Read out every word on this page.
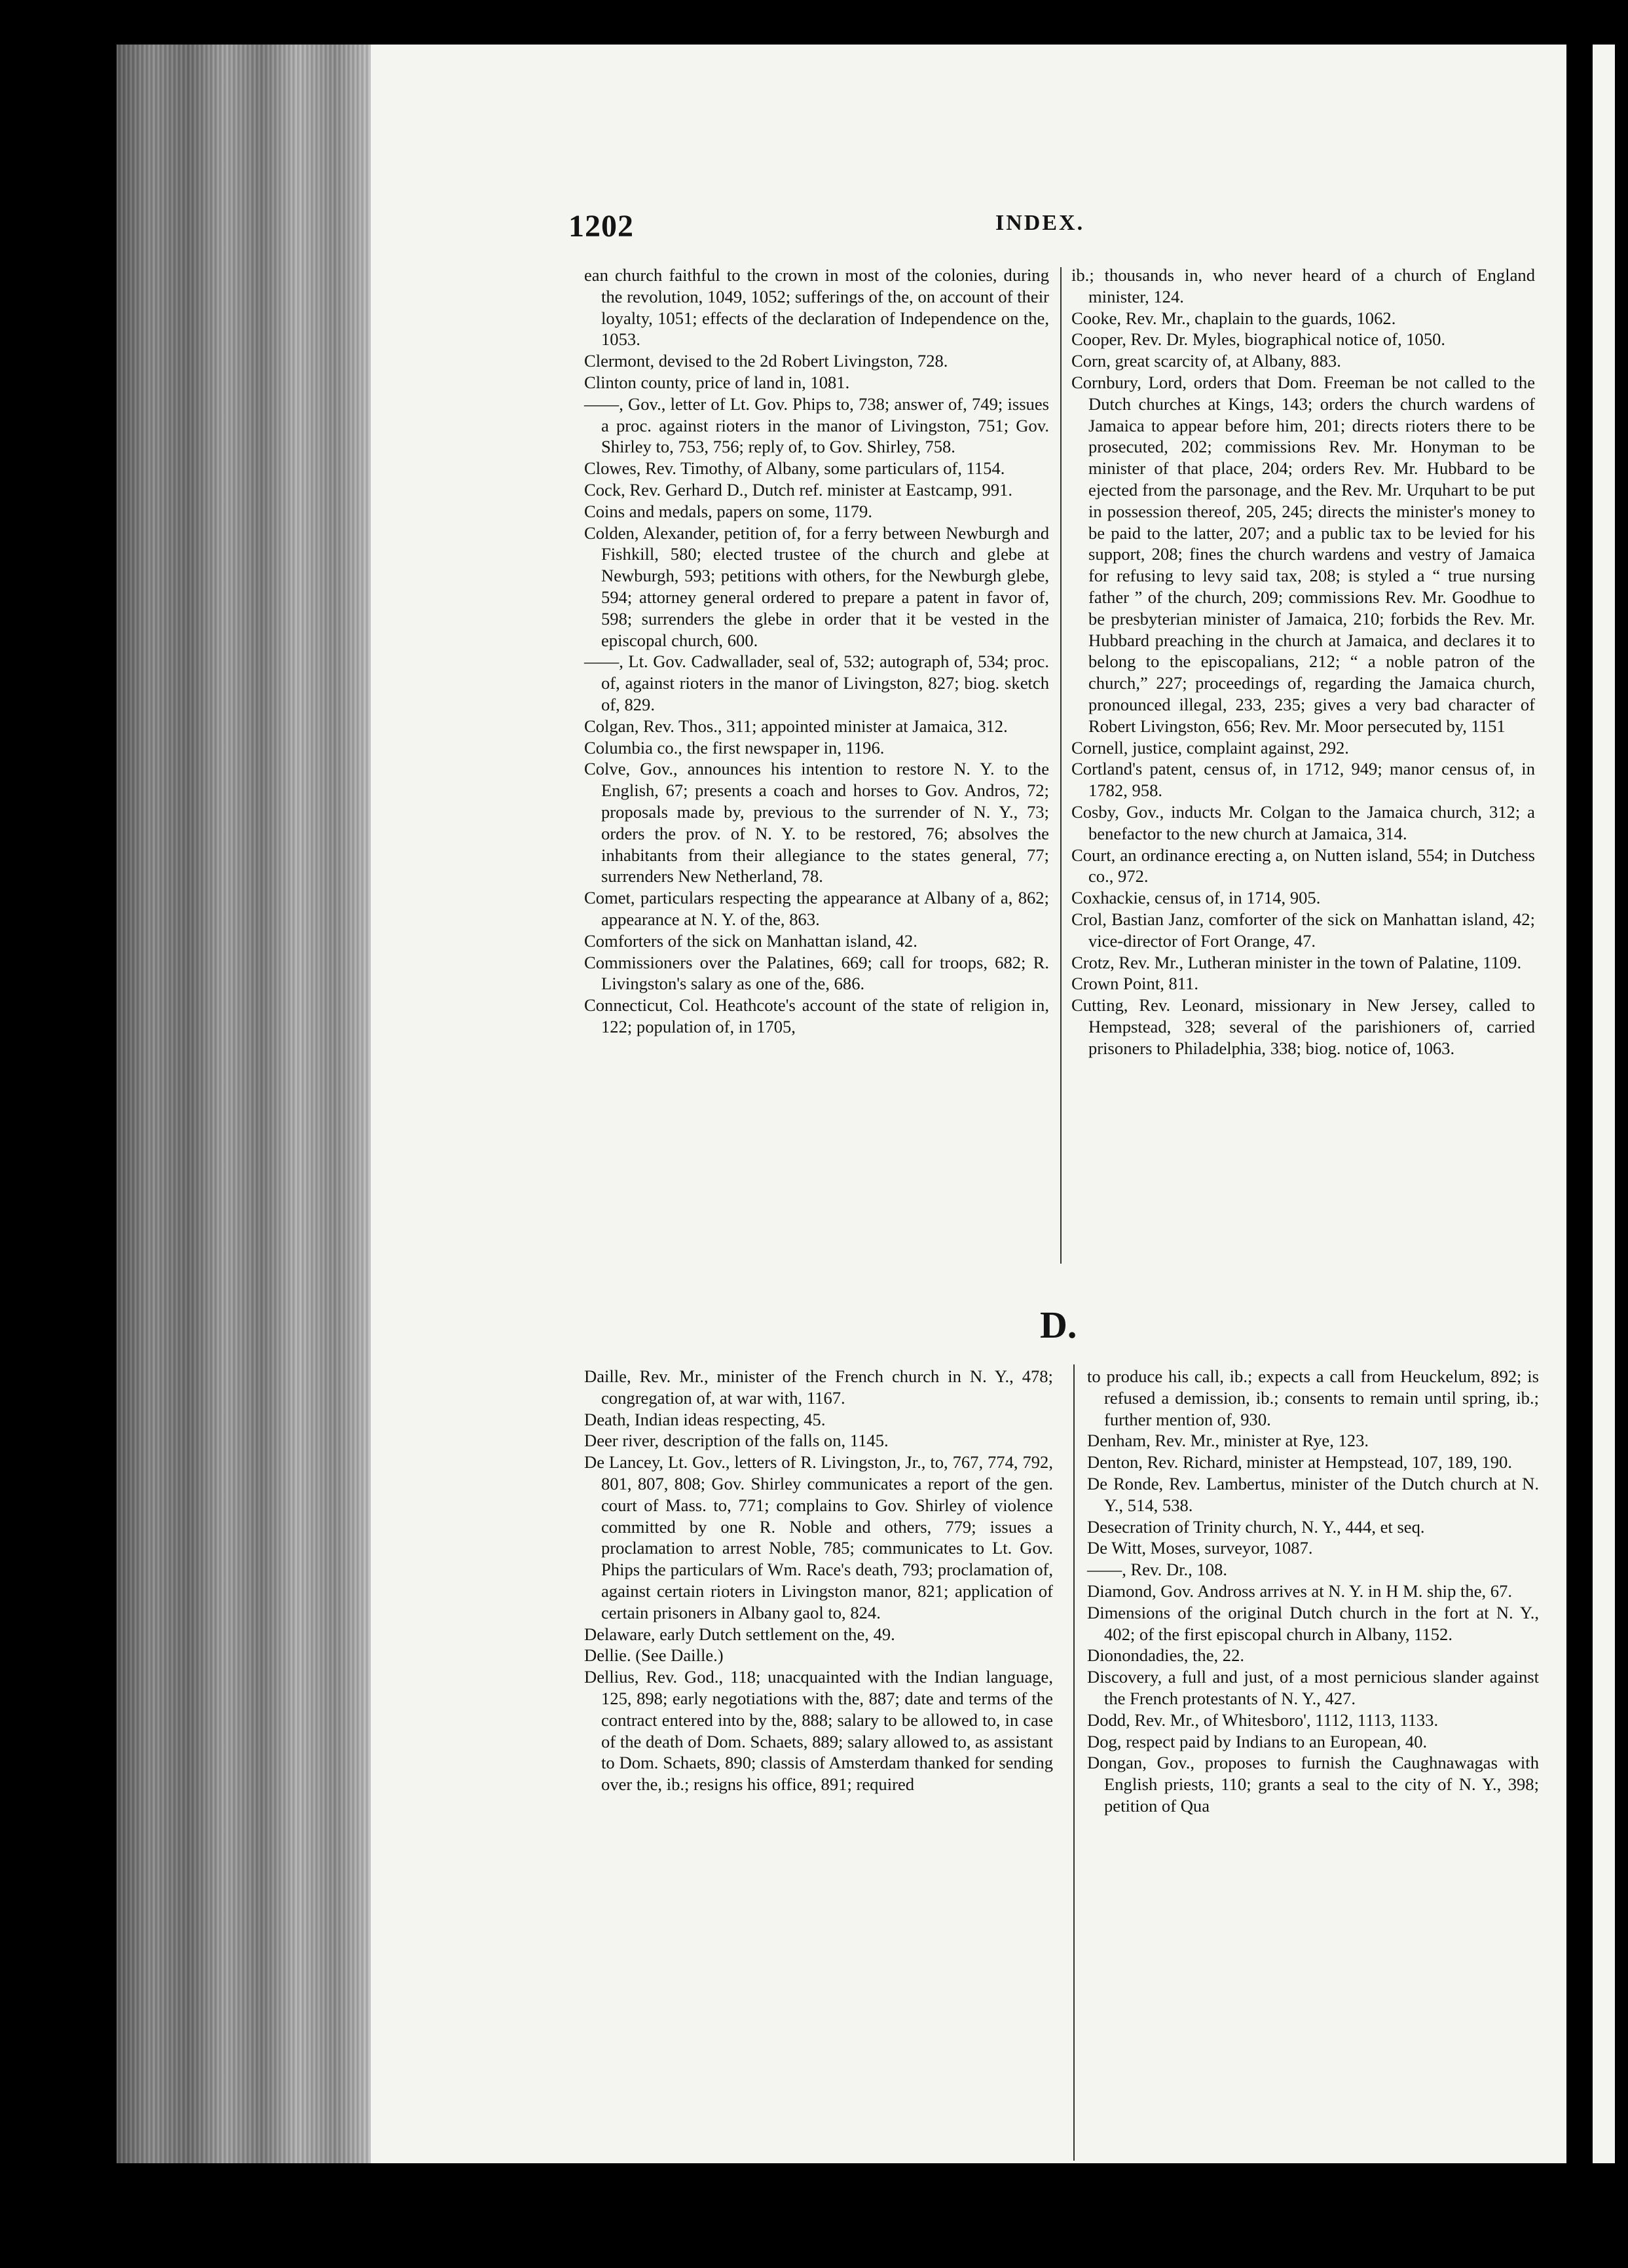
1202	INDEX.

ean church faithful to the crown in most of the colonies, during the revolution, 1049, 1052; sufferings of the, on account of their loyalty, 1051; effects of the declaration of Independence on the, 1053.

Clermont, devised to the 2d Robert Livingston, 728.

Clinton county, price of land in, 1081.

——, Gov., letter of Lt. Gov. Phips to, 738; answer of, 749; issues a proc. against rioters in the manor of Livingston, 751; Gov. Shirley to, 753, 756; reply of, to Gov. Shirley, 758.

Clowes, Rev. Timothy, of Albany, some particulars of, 1154.

Cock, Rev. Gerhard D., Dutch ref. minister at Eastcamp, 991.

Coins and medals, papers on some, 1179.

Colden, Alexander, petition of, for a ferry between Newburgh and Fishkill, 580; elected trustee of the church and glebe at Newburgh, 593; petitions with others, for the Newburgh glebe, 594; attorney general ordered to prepare a patent in favor of, 598; surrenders the glebe in order that it be vested in the episcopal church, 600.

——, Lt. Gov. Cadwallader, seal of, 532; autograph of, 534; proc. of, against rioters in the manor of Livingston, 827; biog. sketch of, 829.

Colgan, Rev. Thos., 311; appointed minister at Jamaica, 312.

Columbia co., the first newspaper in, 1196.

Colve, Gov., announces his intention to restore N. Y. to the English, 67; presents a coach and horses to Gov. Andros, 72; proposals made by, previous to the surrender of N. Y., 73; orders the prov. of N. Y. to be restored, 76; absolves the inhabitants from their allegiance to the states general, 77; surrenders New Netherland, 78.

Comet, particulars respecting the appearance at Albany of a, 862; appearance at N. Y. of the, 863.

Comforters of the sick on Manhattan island, 42.

Commissioners over the Palatines, 669; call for troops, 682; R. Livingston's salary as one of the, 686.

Connecticut, Col. Heathcote's account of the state of religion in, 122; population of, in 1705,

ib.; thousands in, who never heard of a church of England minister, 124.

Cooke, Rev. Mr., chaplain to the guards, 1062.

Cooper, Rev. Dr. Myles, biographical notice of, 1050.

Corn, great scarcity of, at Albany, 883.

Cornbury, Lord, orders that Dom. Freeman be not called to the Dutch churches at Kings, 143; orders the church wardens of Jamaica to appear before him, 201; directs rioters there to be prosecuted, 202; commissions Rev. Mr. Honyman to be minister of that place, 204; orders Rev. Mr. Hubbard to be ejected from the parsonage, and the Rev. Mr. Urquhart to be put in possession thereof, 205, 245; directs the minister's money to be paid to the latter, 207; and a public tax to be levied for his support, 208; fines the church wardens and vestry of Jamaica for refusing to levy said tax, 208; is styled a “ true nursing father ” of the church, 209; commissions Rev. Mr. Goodhue to be presbyterian minister of Jamaica, 210; forbids the Rev. Mr. Hubbard preaching in the church at Jamaica, and declares it to belong to the episcopalians, 212; “ a noble patron of the church,” 227; proceedings of, regarding the Jamaica church, pronounced illegal, 233, 235; gives a very bad character of Robert Livingston, 656; Rev. Mr. Moor persecuted by, 1151

Cornell, justice, complaint against, 292.

Cortland's patent, census of, in 1712, 949; manor census of, in 1782, 958.

Cosby, Gov., inducts Mr. Colgan to the Jamaica church, 312; a benefactor to the new church at Jamaica, 314.

Court, an ordinance erecting a, on Nutten island, 554; in Dutchess co., 972.

Coxhackie, census of, in 1714, 905.

Crol, Bastian Janz, comforter of the sick on Manhattan island, 42; vice-director of Fort Orange, 47.

Crotz, Rev. Mr., Lutheran minister in the town of Palatine, 1109.

Crown Point, 811.

Cutting, Rev. Leonard, missionary in New Jersey, called to Hempstead, 328; several of the parishioners of, carried prisoners to Philadelphia, 338; biog. notice of, 1063.

D.

Daille, Rev. Mr., minister of the French church in N. Y., 478; congregation of, at war with, 1167.

Death, Indian ideas respecting, 45.

Deer river, description of the falls on, 1145.

De Lancey, Lt. Gov., letters of R. Livingston, Jr., to, 767, 774, 792, 801, 807, 808; Gov. Shirley communicates a report of the gen. court of Mass. to, 771; complains to Gov. Shirley of violence committed by one R. Noble and others, 779; issues a proclamation to arrest Noble, 785; communicates to Lt. Gov. Phips the particulars of Wm. Race's death, 793; proclamation of, against certain rioters in Livingston manor, 821; application of certain prisoners in Albany gaol to, 824.

Delaware, early Dutch settlement on the, 49.

Dellie. (See Daille.)

Dellius, Rev. God., 118; unacquainted with the Indian language, 125, 898; early negotiations with the, 887; date and terms of the contract entered into by the, 888; salary to be allowed to, in case of the death of Dom. Schaets, 889; salary allowed to, as assistant to Dom. Schaets, 890; classis of Amsterdam thanked for sending over the, ib.; resigns his office, 891; required

to produce his call, ib.; expects a call from Heuckelum, 892; is refused a demission, ib.; consents to remain until spring, ib.; further mention of, 930.

Denham, Rev. Mr., minister at Rye, 123.

Denton, Rev. Richard, minister at Hempstead, 107, 189, 190.

De Ronde, Rev. Lambertus, minister of the Dutch church at N. Y., 514, 538.

Desecration of Trinity church, N. Y., 444, et seq.

De Witt, Moses, surveyor, 1087.

——, Rev. Dr., 108.

Diamond, Gov. Andross arrives at N. Y. in H M. ship the, 67.

Dimensions of the original Dutch church in the fort at N. Y., 402; of the first episcopal church in Albany, 1152.

Dionondadies, the, 22.

Discovery, a full and just, of a most pernicious slander against the French protestants of N. Y., 427.

Dodd, Rev. Mr., of Whitesboro', 1112, 1113, 1133.

Dog, respect paid by Indians to an European, 40.

Dongan, Gov., proposes to furnish the Caughnawagas with English priests, 110; grants a seal to the city of N. Y., 398; petition of Qua
